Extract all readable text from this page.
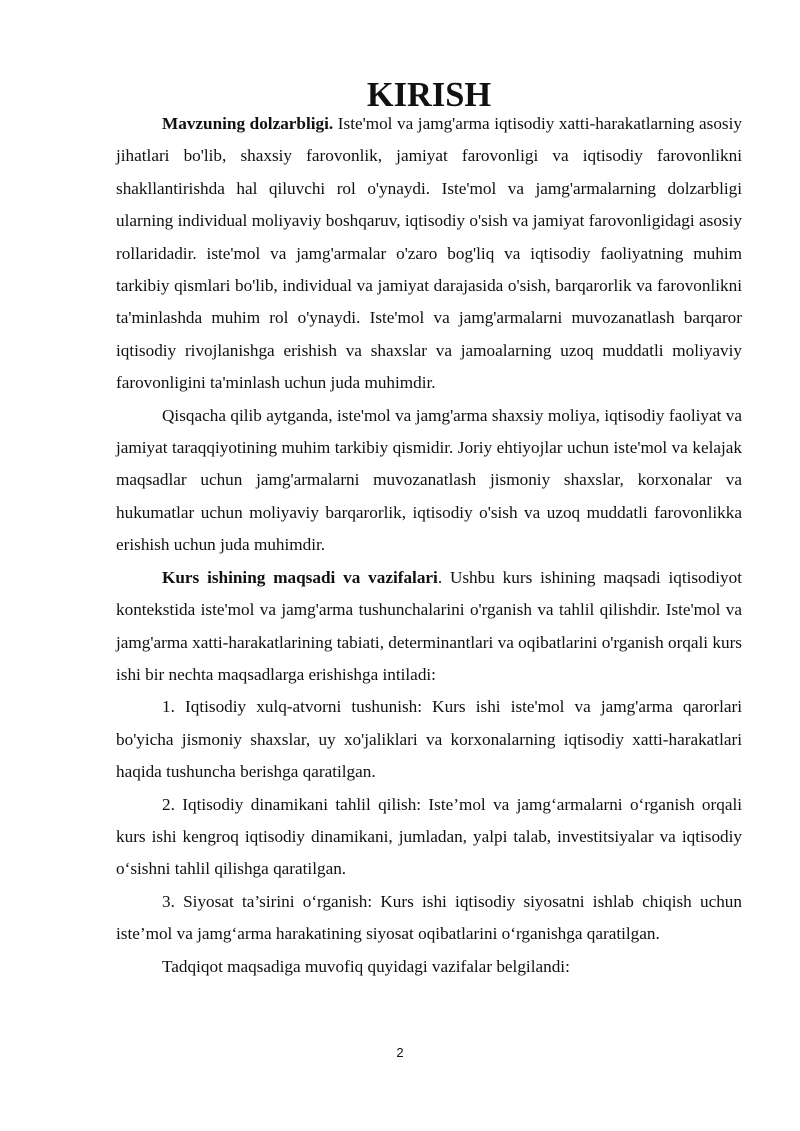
KIRISH

Mavzuning dolzarbligi. Iste'mol va jamg'arma iqtisodiy xatti-harakatlarning asosiy jihatlari bo'lib, shaxsiy farovonlik, jamiyat farovonligi va iqtisodiy farovonlikni shakllantirishda hal qiluvchi rol o'ynaydi. Iste'mol va jamg'armalarning dolzarbligi ularning individual moliyaviy boshqaruv, iqtisodiy o'sish va jamiyat farovonligidagi asosiy rollaridadir. iste'mol va jamg'armalar o'zaro bog'liq va iqtisodiy faoliyatning muhim tarkibiy qismlari bo'lib, individual va jamiyat darajasida o'sish, barqarorlik va farovonlikni ta'minlashda muhim rol o'ynaydi. Iste'mol va jamg'armalarni muvozanatlash barqaror iqtisodiy rivojlanishga erishish va shaxslar va jamoalarning uzoq muddatli moliyaviy farovonligini ta'minlash uchun juda muhimdir.

Qisqacha qilib aytganda, iste'mol va jamg'arma shaxsiy moliya, iqtisodiy faoliyat va jamiyat taraqqiyotining muhim tarkibiy qismidir. Joriy ehtiyojlar uchun iste'mol va kelajak maqsadlar uchun jamg'armalarni muvozanatlash jismoniy shaxslar, korxonalar va hukumatlar uchun moliyaviy barqarorlik, iqtisodiy o'sish va uzoq muddatli farovonlikka erishish uchun juda muhimdir.

Kurs ishining maqsadi va vazifalari. Ushbu kurs ishining maqsadi iqtisodiyot kontekstida iste'mol va jamg'arma tushunchalarini o'rganish va tahlil qilishdir. Iste'mol va jamg'arma xatti-harakatlarining tabiati, determinantlari va oqibatlarini o'rganish orqali kurs ishi bir nechta maqsadlarga erishishga intiladi:

1. Iqtisodiy xulq-atvorni tushunish: Kurs ishi iste'mol va jamg'arma qarorlari bo'yicha jismoniy shaxslar, uy xo'jaliklari va korxonalarning iqtisodiy xatti-harakatlari haqida tushuncha berishga qaratilgan.

2. Iqtisodiy dinamikani tahlil qilish: Iste’mol va jamg‘armalarni o‘rganish orqali kurs ishi kengroq iqtisodiy dinamikani, jumladan, yalpi talab, investitsiyalar va iqtisodiy o‘sishni tahlil qilishga qaratilgan.

3. Siyosat ta’sirini o‘rganish: Kurs ishi iqtisodiy siyosatni ishlab chiqish uchun iste’mol va jamg‘arma harakatining siyosat oqibatlarini o‘rganishga qaratilgan.

Tadqiqot maqsadiga muvofiq quyidagi vazifalar belgilandi:

2
